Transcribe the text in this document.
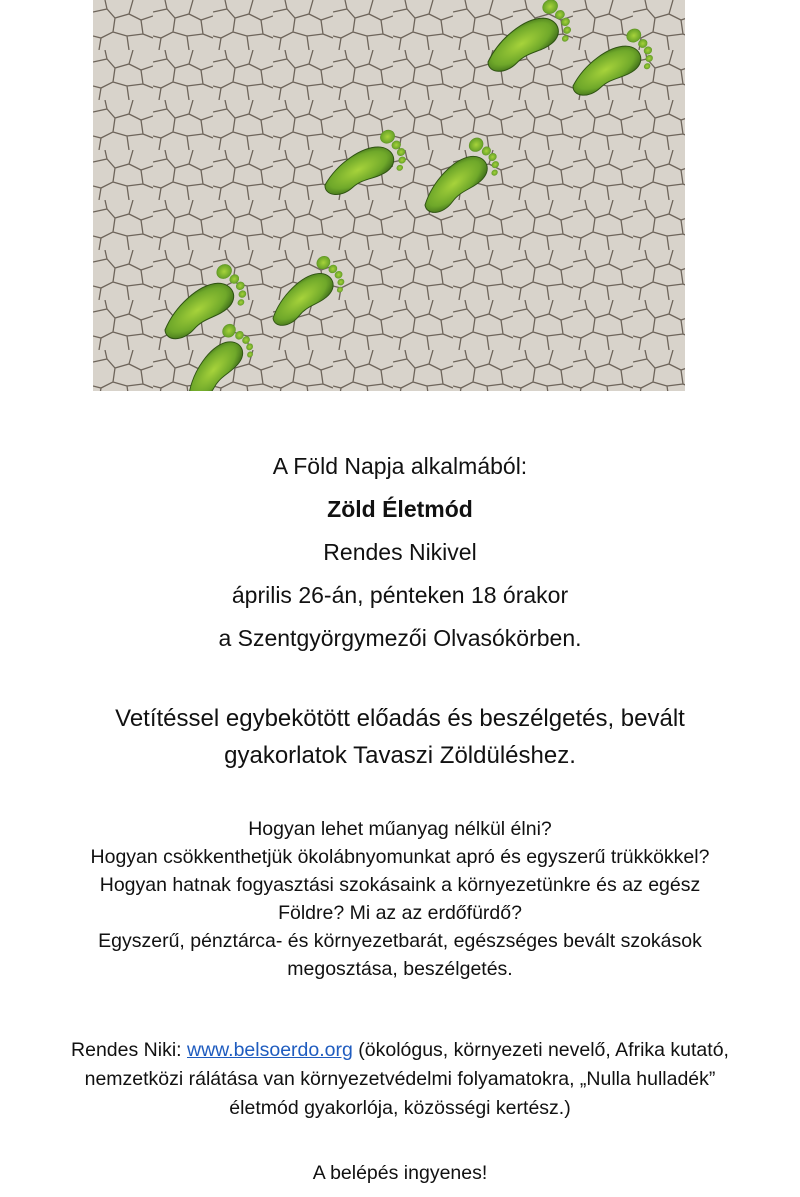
A Föld Napja alkalmából:
Zöld Életmód
Rendes Nikivel
április 26-án, pénteken 18 órakor
a Szentgyörgymezői Olvasókörben.
Vetítéssel egybekötött előadás és beszélgetés, bevált
gyakorlatok Tavaszi Zöldüléshez.
Hogyan lehet műanyag nélkül élni?
Hogyan csökkenthetjük ökolábnyomunkat apró és egyszerű trükkökkel?
Hogyan hatnak fogyasztási szokásaink a környezetünkre és az egész
Földre? Mi az az erdőfürdő?
Egyszerű, pénztárca- és környezetbarát, egészséges bevált szokások
megosztása, beszélgetés.
Rendes Niki: www.belsoerdo.org (ökológus, környezeti nevelő, Afrika kutató,
nemzetközi rálátása van környezetvédelmi folyamatokra, „Nulla hulladék”
életmód gyakorlója, közösségi kertész.)
A belépés ingyenes!
